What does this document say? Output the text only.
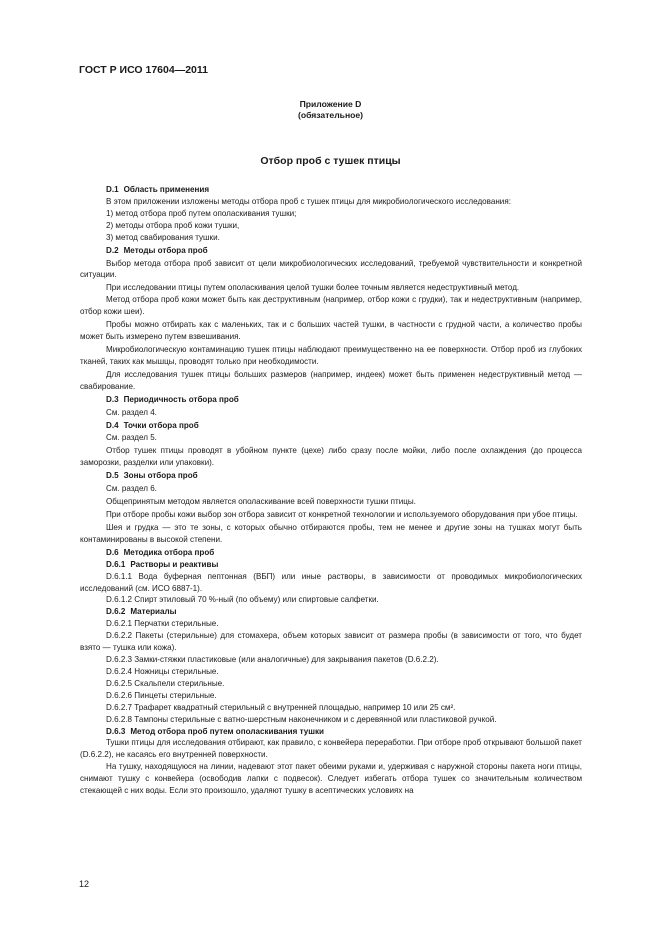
ГОСТ Р ИСО 17604—2011
Приложение D
(обязательное)
Отбор проб с тушек птицы

D.1 Область применения

В этом приложении изложены методы отбора проб с тушек птицы для микробиологического исследования:

1) метод отбора проб путем ополаскивания тушки;

2) методы отбора проб кожи тушки,

3) метод свабирования тушки.

D.2 Методы отбора проб

Выбор метода отбора проб зависит от цели микробиологических исследований, требуемой чувствительности и конкретной ситуации.

При исследовании птицы путем ополаскивания целой тушки более точным является недеструктивный метод.

Метод отбора проб кожи может быть как деструктивным (например, отбор кожи с грудки), так и недеструктивным (например, отбор кожи шеи).

Пробы можно отбирать как с маленьких, так и с больших частей тушки, в частности с грудной части, а количество пробы может быть измерено путем взвешивания.

Микробиологическую контаминацию тушек птицы наблюдают преимущественно на ее поверхности. Отбор проб из глубоких тканей, таких как мышцы, проводят только при необходимости.

Для исследования тушек птицы больших размеров (например, индеек) может быть применен недеструктивный метод — свабирование.

D.3 Периодичность отбора проб

См. раздел 4.

D.4 Точки отбора проб

См. раздел 5.

Отбор тушек птицы проводят в убойном пункте (цехе) либо сразу после мойки, либо после охлаждения (до процесса заморозки, разделки или упаковки).

D.5 Зоны отбора проб

См. раздел 6.

Общепринятым методом является ополаскивание всей поверхности тушки птицы.

При отборе пробы кожи выбор зон отбора зависит от конкретной технологии и используемого оборудования при убое птицы.

Шея и грудка — это те зоны, с которых обычно отбираются пробы, тем не менее и другие зоны на тушках могут быть контаминированы в высокой степени.

D.6 Методика отбора проб

D.6.1 Растворы и реактивы

D.6.1.1 Вода буферная пептонная (ВБП) или иные растворы, в зависимости от проводимых микробиологических исследований (см. ИСО 6887-1).

D.6.1.2 Спирт этиловый 70 %-ный (по объему) или спиртовые салфетки.

D.6.2 Материалы

D.6.2.1 Перчатки стерильные.

D.6.2.2 Пакеты (стерильные) для стомахера, объем которых зависит от размера пробы (в зависимости от того, что будет взято — тушка или кожа).

D.6.2.3 Замки-стяжки пластиковые (или аналогичные) для закрывания пакетов (D.6.2.2).

D.6.2.4 Ножницы стерильные.

D.6.2.5 Скальпели стерильные.

D.6.2.6 Пинцеты стерильные.

D.6.2.7 Трафарет квадратный стерильный с внутренней площадью, например 10 или 25 см².

D.6.2.8 Тампоны стерильные с ватно-шерстным наконечником и с деревянной или пластиковой ручкой.

D.6.3 Метод отбора проб путем ополаскивания тушки

Тушки птицы для исследования отбирают, как правило, с конвейера переработки. При отборе проб открывают большой пакет (D.6.2.2), не касаясь его внутренней поверхности.

На тушку, находящуюся на линии, надевают этот пакет обеими руками и, удерживая с наружной стороны пакета ноги птицы, снимают тушку с конвейера (освободив лапки с подвесок). Следует избегать отбора тушек со значительным количеством стекающей с них воды. Если это произошло, удаляют тушку в асептических условиях на

12
